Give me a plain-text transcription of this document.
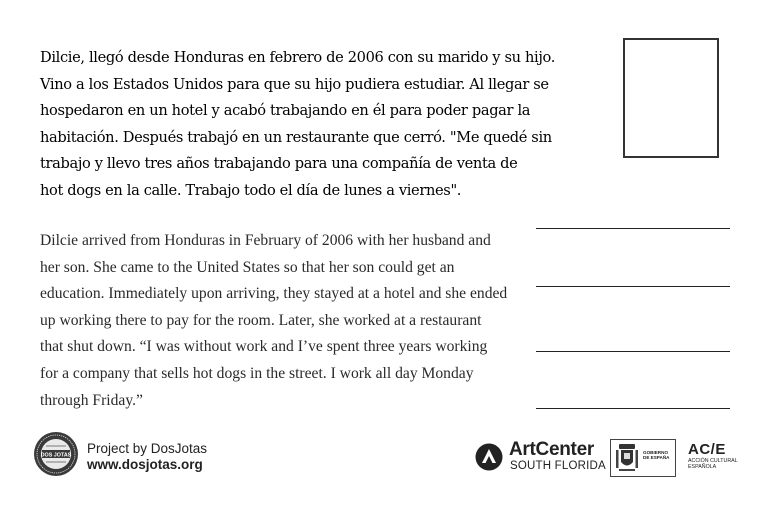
Dilcie, llegó desde Honduras en febrero de 2006 con su marido y su hijo.
Vino a los Estados Unidos para que su hijo pudiera estudiar. Al llegar se
hospedaron en un hotel y acabó trabajando en él para poder pagar la
habitación. Después trabajó en un restaurante que cerró. "Me quedé sin
trabajo y llevo tres años trabajando para una compañía de venta de
hot dogs en la calle. Trabajo todo el día de lunes a viernes".
Dilcie arrived from Honduras in February of 2006 with her husband and
her son. She came to the United States so that her son could get an
education. Immediately upon arriving, they stayed at a hotel and she ended
up working there to pay for the room. Later, she worked at a restaurant
that shut down. “I was without work and I’ve spent three years working
for a company that sells hot dogs in the street. I work all day Monday
through Friday.”
DOS JOTAS Project by DosJotas
www.dosjotas.org
ArtCenter
SOUTH FLORIDA
GOBIERNO
DE ESPAÑA AC/E
ACCIÓN CULTURAL
ESPAÑOLA
